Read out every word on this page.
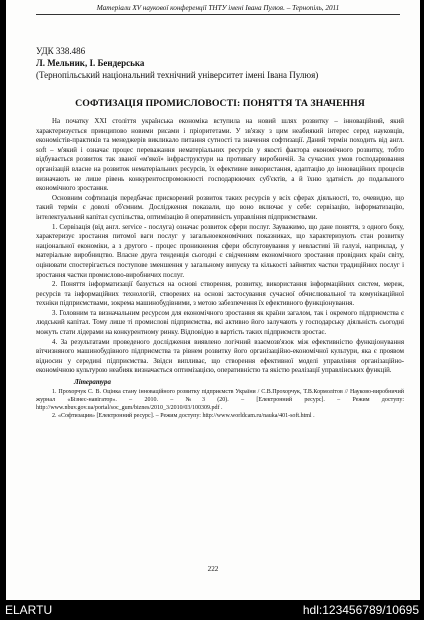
Матеріали XV наукової конференції ТНТУ імені Івана Пулюя. – Тернопіль, 2011
УДК 338.486
Л. Мельник, І. Бендерська
(Тернопільський національний технічний університет імені Івана Пулюя)
СОФТИЗАЦІЯ ПРОМИСЛОВОСТІ: ПОНЯТТЯ ТА ЗНАЧЕННЯ

На початку XXI століття українська економіка вступила на новий шлях розвитку – інноваційний, який характеризується принципово новими рисами і пріоритетами. У зв'язку з цим неабиякий інтерес серед науковців, економістів-практиків та менеджерів викликало питання сутності та значення софтизації. Даний термін походить від англ. soft – м'який і означає процес переважання нематеріальних ресурсів у якості фактора економічного розвитку, тобто відбувається розвиток так званої «м'якої» інфраструктури на противагу виробничій. За сучасних умов господарювання організацій власне на розвиток нематеріальних ресурсів, їх ефективне використання, адаптацію до інноваційних процесів визначають не лише рівень конкурентоспроможності господарюючих суб'єктів, а й їхню здатність до подальшого економічного зростання.

Основним софтизація передбачає прискорений розвиток таких ресурсів у всіх сферах діяльності, то, очевидно, що такий термін є доволі об'ємним. Дослідження показали, що воно включає у себе: сервізацію, інформатизацію, інтелектуальний капітал суспільства, оптимізацію й оперативність управління підприємствами.

1. Сервізація (від англ. service - послуга) означає розвиток сфери послуг. Зауважимо, що дане поняття, з одного боку, характеризує зростання питомої ваги послуг у загальноекономічних показниках, що характеризують стан розвитку національної економіки, а з другого - процес проникнення сфери обслуговування у невластиві їй галузі, наприклад, у матеріальне виробництво. Власне друга тенденція сьогодні є свідченням економічного зростання провідних країн світу, оцінювати спостерігається поступове зменшення у загальному випуску та кількості зайнятих частки традиційних послуг і зростання частки промислово-виробничих послуг.

2. Поняття інформатизації базується на основі створення, розвитку, використання інформаційних систем, мереж, ресурсів та інформаційних технологій, створених на основі застосування сучасної обчислювальної та комунікаційної техніки підприємствами, зокрема машинобудівними, з метою забезпечення їх ефективного функціонування.

3. Головним та визначальним ресурсом для економічного зростання як країни загалом, так і окремого підприємства є людський капітал. Тому лише ті промислові підприємства, які активно його залучають у господарську діяльність сьогодні можуть стати лідерами на конкурентному ринку. Відповідно в вартість таких підприємств зростає.

4. За результатами проведеного дослідження виявлено логічний взаємозв'язок між ефективністю функціонування вітчизняного машинобудівного підприємства та рівнем розвитку його організаційно-економічної культури, яка є проявом відносин у середині підприємства. Звідси випливає, що створення ефективної моделі управління організаційно-економічною культурою неабияк визначається оптимізацією, оперативністю та якістю реалізації управлінських функцій.

Література

1. Прохорчук С. В. Оцінка стану інноваційного розвитку підприємств України / С.В.Прохорчук, Т.В.Кормолітов // Науково-виробничий журнал «Бізнес-навігатор». – 2010. – №3 (20). – [Електронний ресурс]. – Режим доступу: http://www.nbuv.gov.ua/portal/soc_gum/biznes/2010_3/2010/03/100309.pdf .

2. «Софтизация» [Електронний ресурс]. – Режим доступу: http://www.worldcam.ru/nauka/401-soft.html .

222
ELARTU	hdl:123456789/10695
